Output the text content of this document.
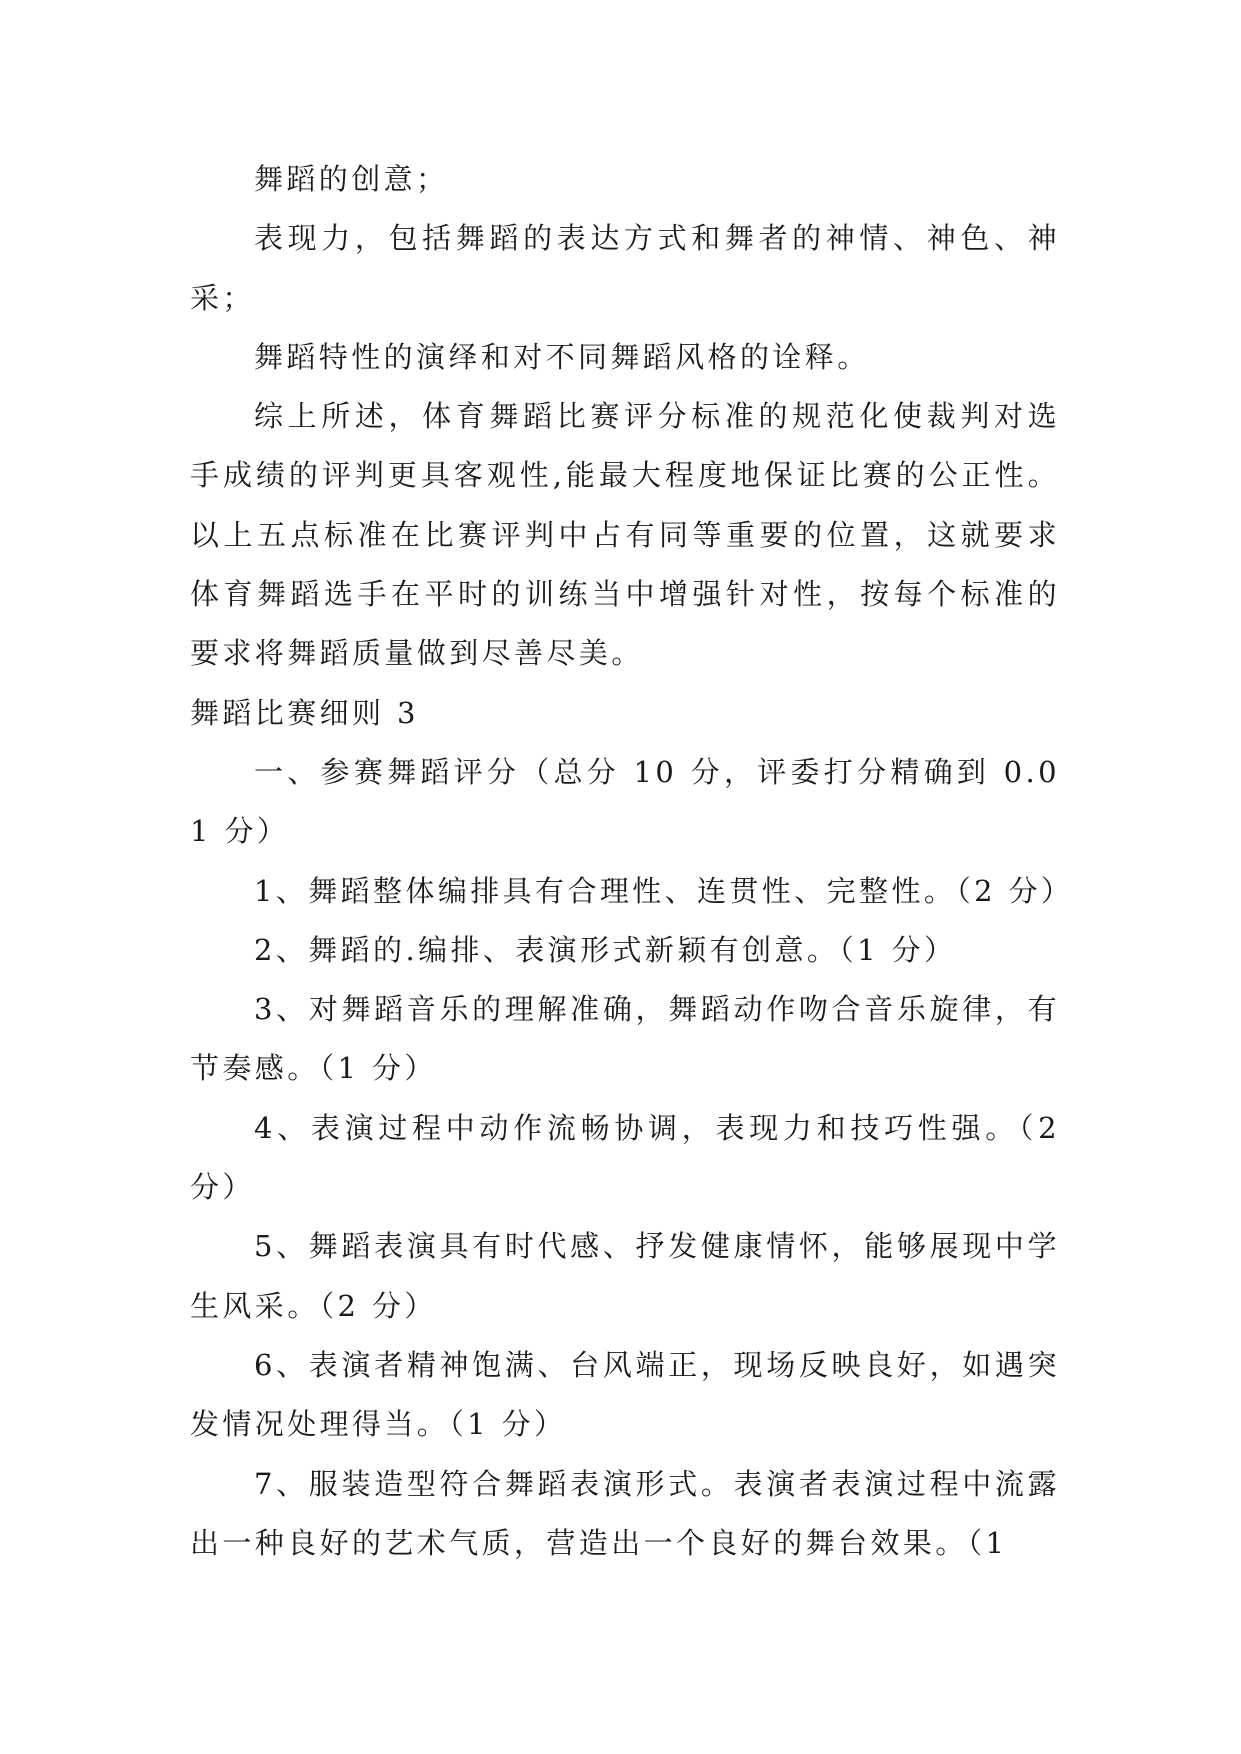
舞蹈的创意；

表现力，包括舞蹈的表达方式和舞者的神情、神色、神采；

舞蹈特性的演绎和对不同舞蹈风格的诠释。

综上所述，体育舞蹈比赛评分标准的规范化使裁判对选手成绩的评判更具客观性,能最大程度地保证比赛的公正性。以上五点标准在比赛评判中占有同等重要的位置，这就要求体育舞蹈选手在平时的训练当中增强针对性，按每个标准的要求将舞蹈质量做到尽善尽美。

舞蹈比赛细则 3

一、参赛舞蹈评分（总分 10 分，评委打分精确到 0.01 分）

1、舞蹈整体编排具有合理性、连贯性、完整性。（2 分）

2、舞蹈的.编排、表演形式新颖有创意。（1 分）

3、对舞蹈音乐的理解准确，舞蹈动作吻合音乐旋律，有节奏感。（1 分）

4、表演过程中动作流畅协调，表现力和技巧性强。（2 分）

5、舞蹈表演具有时代感、抒发健康情怀，能够展现中学生风采。（2 分）

6、表演者精神饱满、台风端正，现场反映良好，如遇突发情况处理得当。（1 分）

7、服装造型符合舞蹈表演形式。表演者表演过程中流露出一种良好的艺术气质，营造出一个良好的舞台效果。（1
